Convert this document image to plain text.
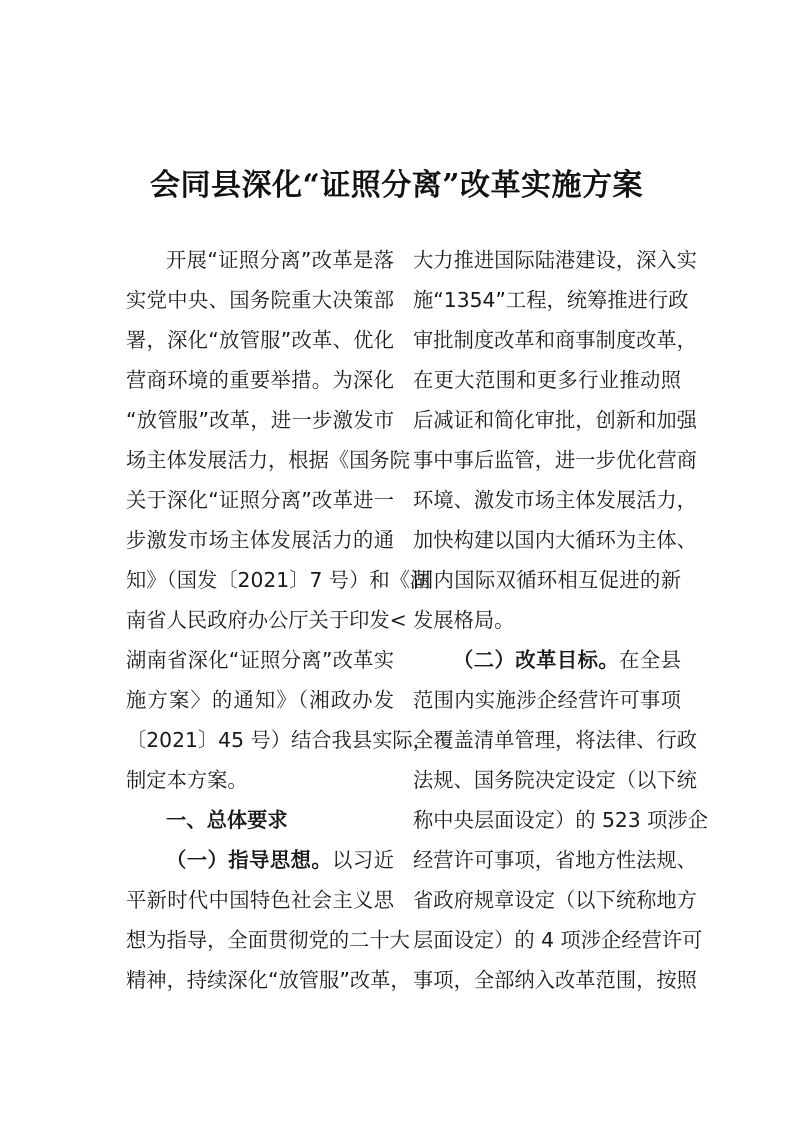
会同县深化“证照分离”改革实施方案
开展“证照分离”改革是落
实党中央、国务院重大决策部
署，深化“放管服”改革、优化
营商环境的重要举措。为深化
“放管服”改革，进一步激发市
场主体发展活力，根据《国务院
关于深化“证照分离”改革进一
步激发市场主体发展活力的通
知》（国发〔2021〕7 号）和《湖
南省人民政府办公厅关于印发<
湖南省深化“证照分离”改革实
施方案〉的通知》（湘政办发
〔2021〕45 号）结合我县实际，
制定本方案。
一、总体要求
（一）指导思想。以习近
平新时代中国特色社会主义思
想为指导，全面贯彻党的二十大
精神，持续深化“放管服”改革，
大力推进国际陆港建设，深入实
施“1354”工程，统筹推进行政
审批制度改革和商事制度改革，
在更大范围和更多行业推动照
后减证和简化审批，创新和加强
事中事后监管，进一步优化营商
环境、激发市场主体发展活力，
加快构建以国内大循环为主体、
国内国际双循环相互促进的新
发展格局。
（二）改革目标。在全县
范围内实施涉企经营许可事项
全覆盖清单管理，将法律、行政
法规、国务院决定设定（以下统
称中央层面设定）的 523 项涉企
经营许可事项，省地方性法规、
省政府规章设定（以下统称地方
层面设定）的 4 项涉企经营许可
事项，全部纳入改革范围，按照
